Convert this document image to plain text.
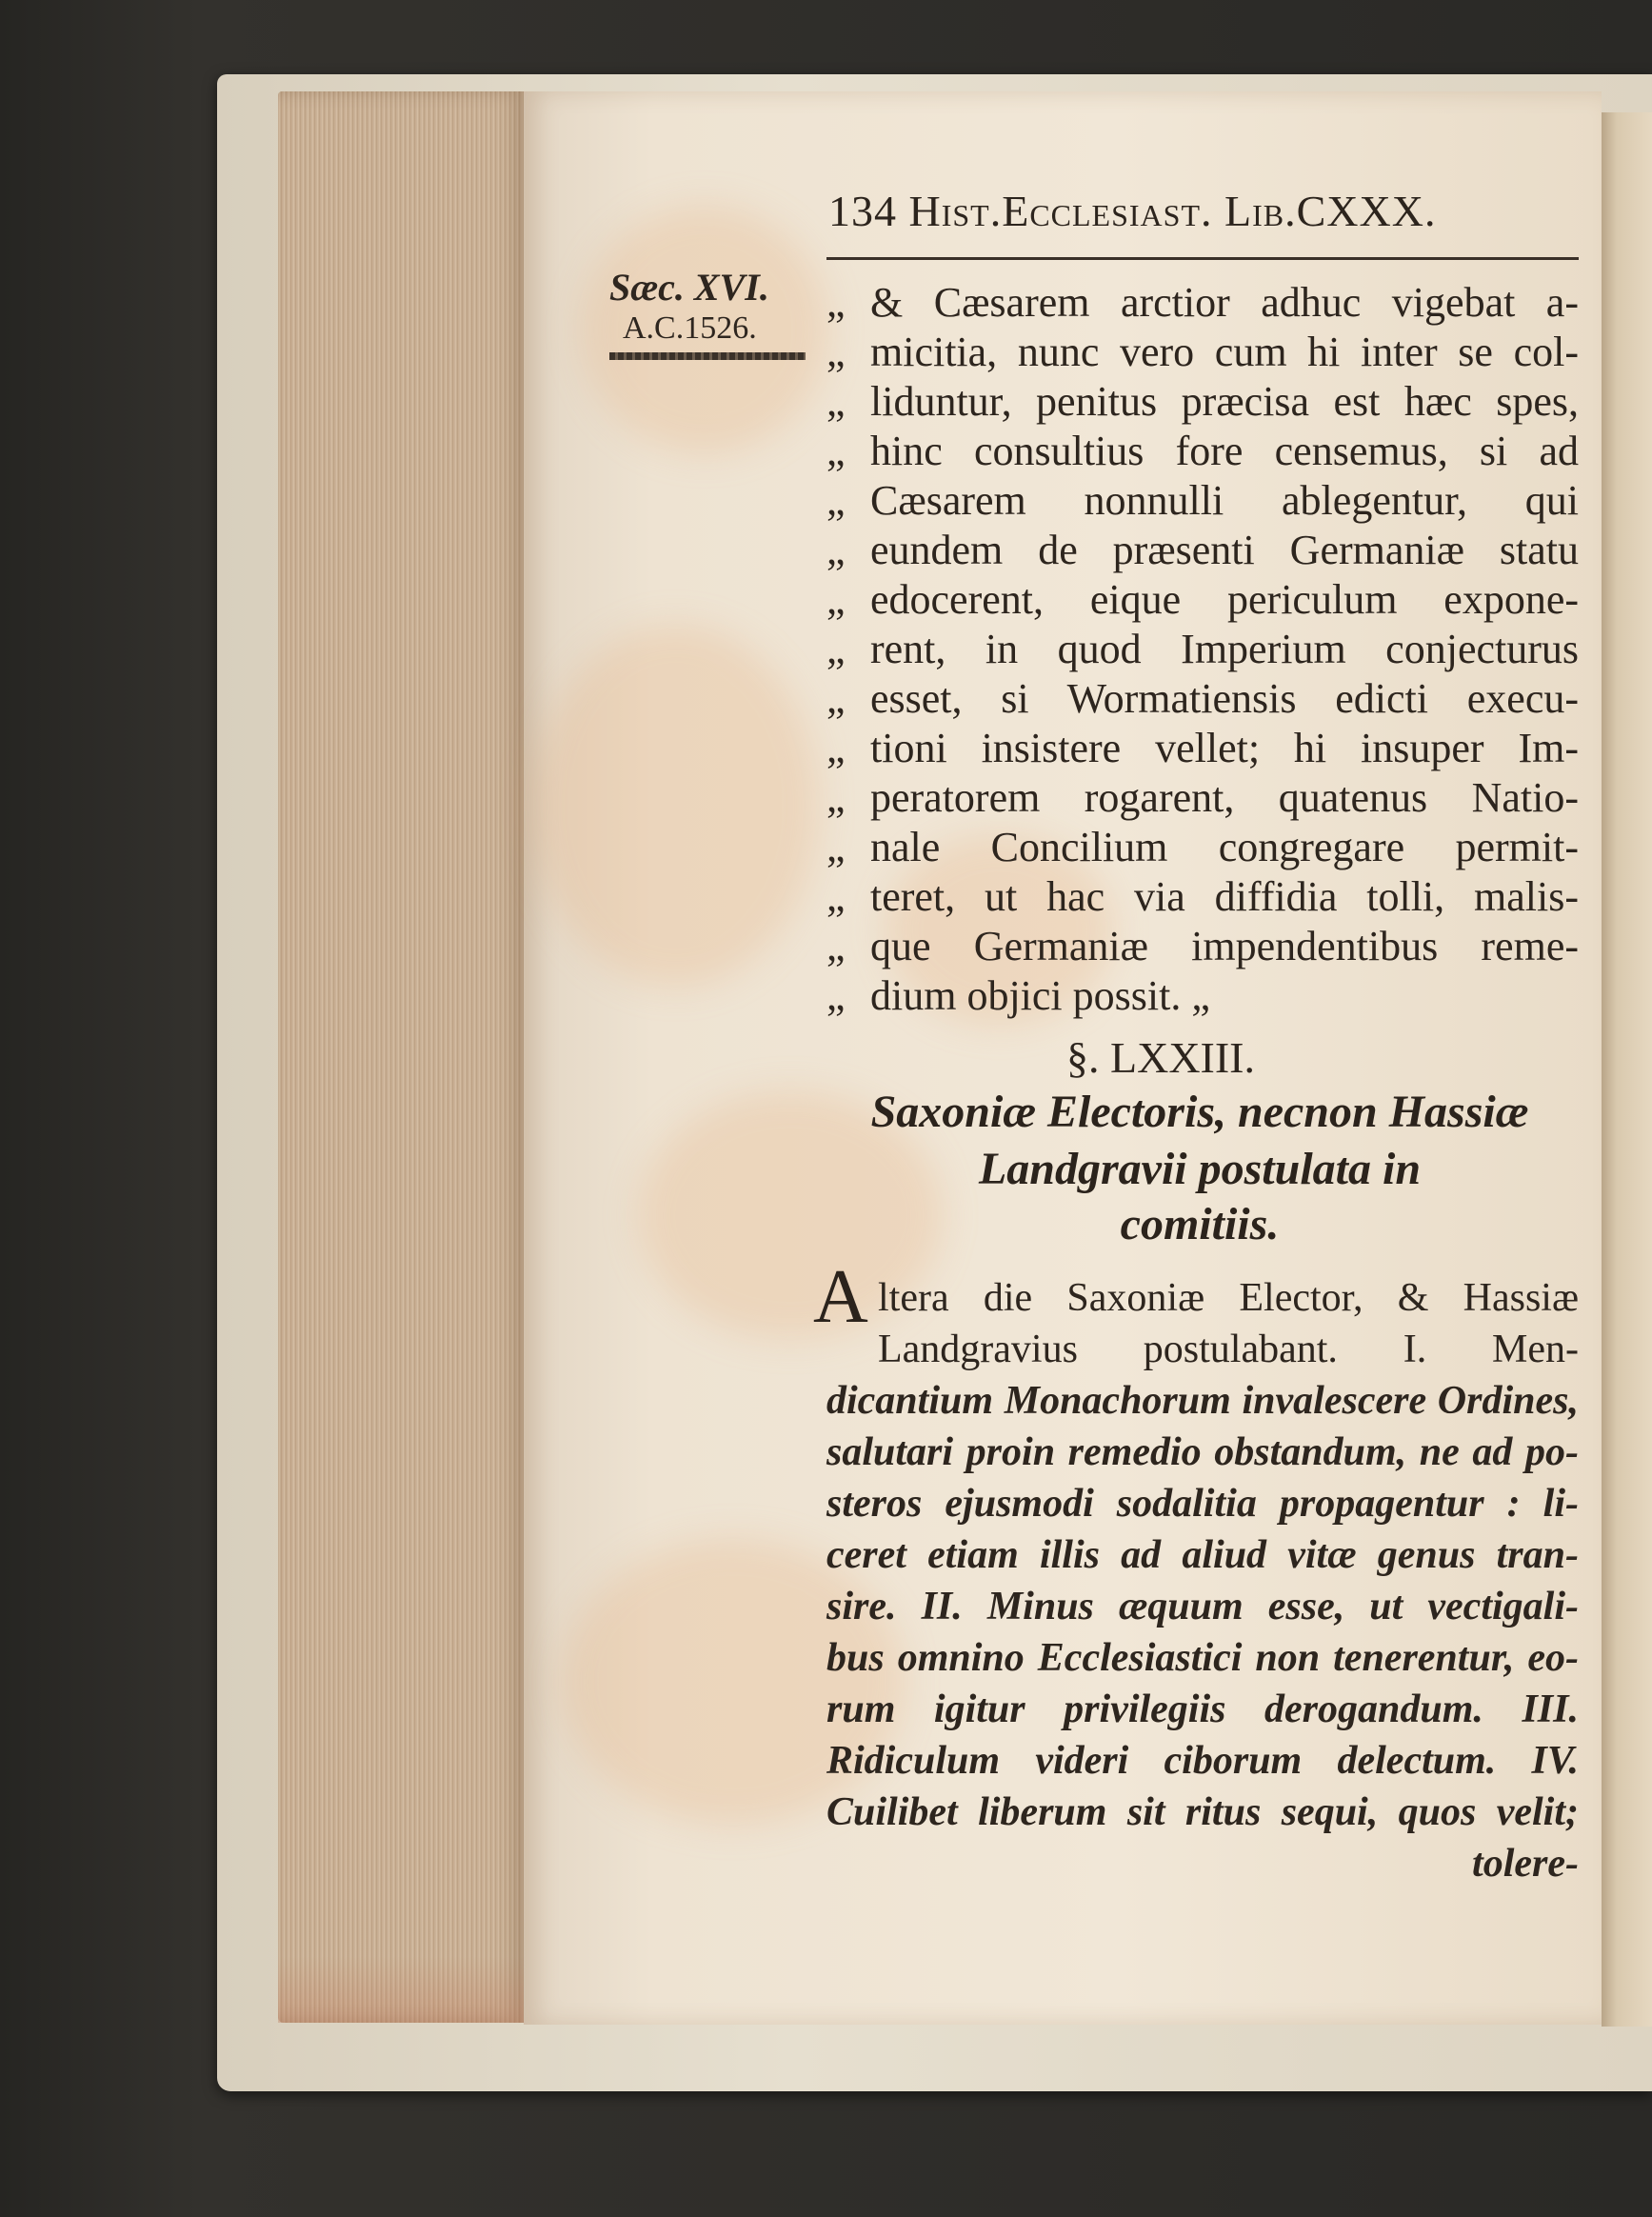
134 Hist.Ecclesiast. Lib.CXXX.
Sæc. XVI.
A.C.1526.
„ & Cæsarem arctior adhuc vigebat a-
„ micitia, nunc vero cum hi inter se col-
„ liduntur, penitus præcisa est hæc spes,
„ hinc consultius fore censemus, si ad
„ Cæsarem nonnulli ablegentur, qui
„ eundem de præsenti Germaniæ statu
„ edocerent, eique periculum expone-
„ rent, in quod Imperium conjecturus
„ esset, si Wormatiensis edicti execu-
„ tioni insistere vellet; hi insuper Im-
„ peratorem rogarent, quatenus Natio-
„ nale Concilium congregare permit-
„ teret, ut hac via diffidia tolli, malis-
„ que Germaniæ impendentibus reme-
„ dium objici possit. „
§. LXXIII.
Saxoniæ Electoris, necnon Hassiæ
Landgravii postulata in
comitiis.
A ltera die Saxoniæ Elector, & Hassiæ
Landgravius postulabant. I. Men-
dicantium Monachorum invalescere Ordines,
salutari proin remedio obstandum, ne ad po-
steros ejusmodi sodalitia propagentur : li-
ceret etiam illis ad aliud vitæ genus tran-
sire. II. Minus æquum esse, ut vectigali-
bus omnino Ecclesiastici non tenerentur, eo-
rum igitur privilegiis derogandum. III.
Ridiculum videri ciborum delectum. IV.
Cuilibet liberum sit ritus sequi, quos velit;
tolere-
